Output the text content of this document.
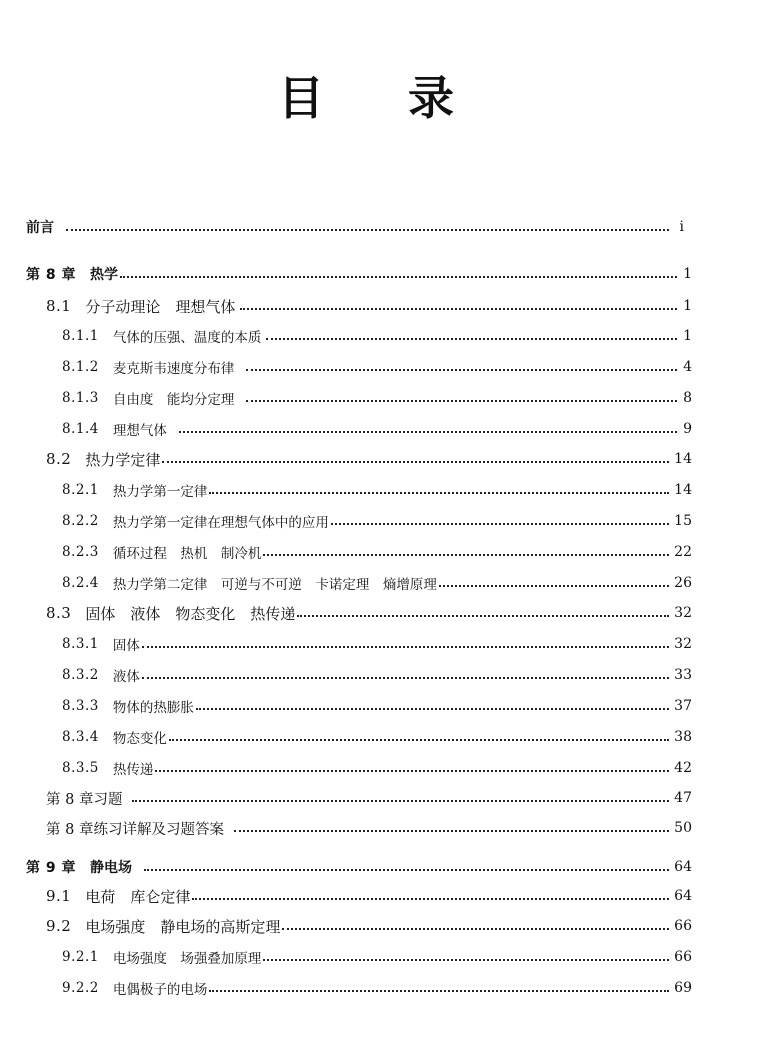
目 录
前言	i
第 8 章 热学	1
8.1 分子动理论　理想气体	1
8.1.1 气体的压强、温度的本质	1
8.1.2 麦克斯韦速度分布律	4
8.1.3 自由度　能均分定理	8
8.1.4 理想气体	9
8.2 热力学定律	14
8.2.1 热力学第一定律	14
8.2.2 热力学第一定律在理想气体中的应用	15
8.2.3 循环过程　热机　制冷机	22
8.2.4 热力学第二定律　可逆与不可逆　卡诺定理　熵增原理	26
8.3 固体　液体　物态变化　热传递	32
8.3.1 固体	32
8.3.2 液体	33
8.3.3 物体的热膨胀	37
8.3.4 物态变化	38
8.3.5 热传递	42
第 8 章习题	47
第 8 章练习详解及习题答案	50
第 9 章 静电场	64
9.1 电荷　库仑定律	64
9.2 电场强度　静电场的高斯定理	66
9.2.1 电场强度　场强叠加原理	66
9.2.2 电偶极子的电场	69
